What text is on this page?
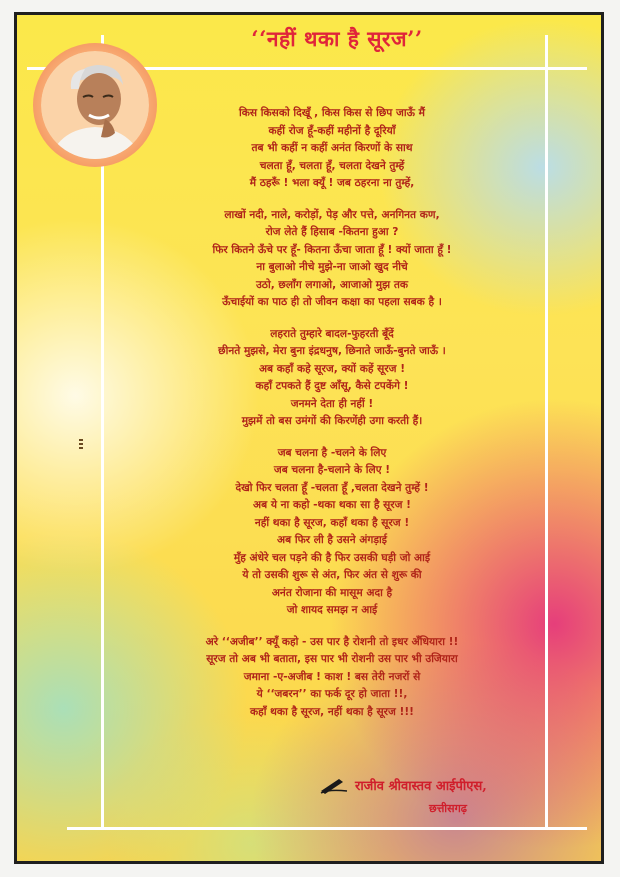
‘‘नहीं थका है सूरज’’
किस किसको दिखूँ , किस किस से छिप जाऊँ मैं
कहीं रोज हूँ-कहीं महीनों है दूरियाँ
तब भी कहीं न कहीं अनंत किरणों के साथ
चलता हूँ, चलता हूँ, चलता देखने तुम्हें
मैं ठहरूँ ! भला क्यूँ ! जब ठहरना ना तुम्हें,
लाखों नदी, नाले, करोड़ों, पेड़ और पत्ते, अनगिनत कण,
रोज लेते हैं हिसाब -कितना हुआ ?
फिर कितने ऊँचे पर हूँ- कितना ऊँचा जाता हूँ ! क्यों जाता हूँ !
ना बुलाओ नीचे मुझे-ना जाओ खुद नीचे
उठो, छलाँग लगाओ, आजाओ मुझ तक
ऊँचाईयों का पाठ ही तो जीवन कक्षा का पहला सबक है ।
लहराते तुम्हारे बादल-फुहरती बूँदें
छीनते मुझसे, मेरा बुना इंद्रधनुष, छिनाते जाऊँ-बुनते जाऊँ ।
अब कहाँ कहे सूरज, क्यों कहें सूरज !
कहाँ टपकते हैं दुष्ट आँसू, कैसे टपकेंगे !
जनमने देता ही नहीं !
मुझमें तो बस उमंगों की किरणेंही उगा करती हैं।
जब चलना है -चलने के लिए
जब चलना है-चलाने के लिए !
देखो फिर चलता हूँ -चलता हूँ ,चलता देखने तुम्हें !
अब ये ना कहो -थका थका सा है सूरज !
नहीं थका है सूरज, कहाँ थका है सूरज !
अब फिर ली है उसने अंगड़ाई
मुँह अंधेरे चल पड़ने की है फिर उसकी घड़ी जो आई
ये तो उसकी शुरू से अंत, फिर अंत से शुरू की
अनंत रोजाना की मासूम अदा है
जो शायद समझ न आई
अरे ‘‘अजीब’’ क्यूँ कहो - उस पार है रोशनी तो इधर अँधियारा !!
सूरज तो अब भी बताता, इस पार भी रोशनी उस पार भी उजियारा
जमाना -ए-अजीब ! काश ! बस तेरी नजरों से
ये ‘‘जबरन’’ का फर्क दूर हो जाता !!,
कहाँ थका है सूरज, नहीं थका है सूरज !!!
राजीव श्रीवास्तव आईपीएस,
छत्तीसगढ़
